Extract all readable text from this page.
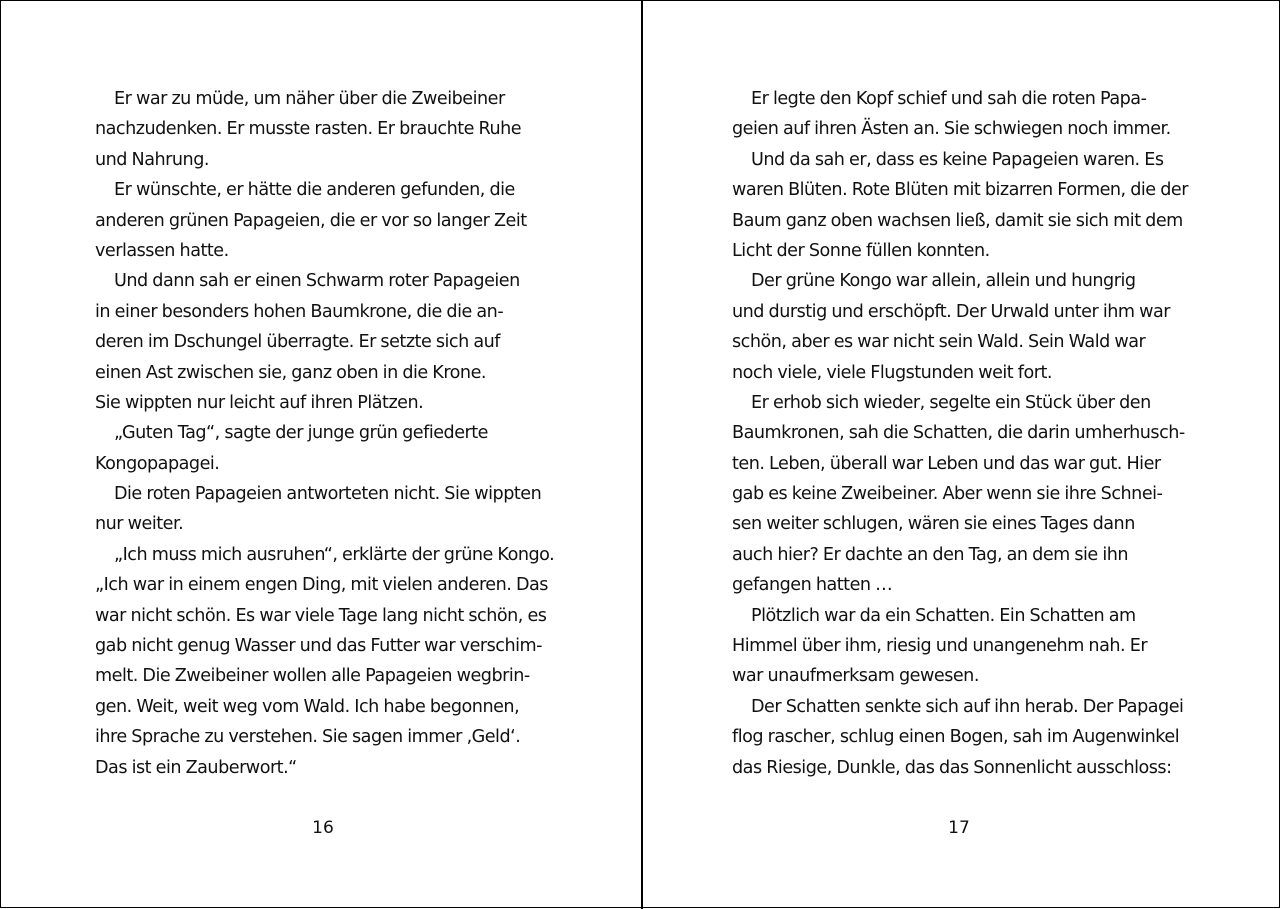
Er war zu müde, um näher über die Zweibeiner
nachzudenken. Er musste rasten. Er brauchte Ruhe
und Nahrung.
Er wünschte, er hätte die anderen gefunden, die
anderen grünen Papageien, die er vor so langer Zeit
verlassen hatte.
Und dann sah er einen Schwarm roter Papageien
in einer besonders hohen Baumkrone, die die an-
deren im Dschungel überragte. Er setzte sich auf
einen Ast zwischen sie, ganz oben in die Krone.
Sie wippten nur leicht auf ihren Plätzen.
„Guten Tag“, sagte der junge grün gefiederte
Kongopapagei.
Die roten Papageien antworteten nicht. Sie wippten
nur weiter.
„Ich muss mich ausruhen“, erklärte der grüne Kongo.
„Ich war in einem engen Ding, mit vielen anderen. Das
war nicht schön. Es war viele Tage lang nicht schön, es
gab nicht genug Wasser und das Futter war verschim-
melt. Die Zweibeiner wollen alle Papageien wegbrin-
gen. Weit, weit weg vom Wald. Ich habe begonnen,
ihre Sprache zu verstehen. Sie sagen immer ‚Geld‘.
Das ist ein Zauberwort.“
16
Er legte den Kopf schief und sah die roten Papa-
geien auf ihren Ästen an. Sie schwiegen noch immer.
Und da sah er, dass es keine Papageien waren. Es
waren Blüten. Rote Blüten mit bizarren Formen, die der
Baum ganz oben wachsen ließ, damit sie sich mit dem
Licht der Sonne füllen konnten.
Der grüne Kongo war allein, allein und hungrig
und durstig und erschöpft. Der Urwald unter ihm war
schön, aber es war nicht sein Wald. Sein Wald war
noch viele, viele Flugstunden weit fort.
Er erhob sich wieder, segelte ein Stück über den
Baumkronen, sah die Schatten, die darin umherhusch-
ten. Leben, überall war Leben und das war gut. Hier
gab es keine Zweibeiner. Aber wenn sie ihre Schnei-
sen weiter schlugen, wären sie eines Tages dann
auch hier? Er dachte an den Tag, an dem sie ihn
gefangen hatten …
Plötzlich war da ein Schatten. Ein Schatten am
Himmel über ihm, riesig und unangenehm nah. Er
war unaufmerksam gewesen.
Der Schatten senkte sich auf ihn herab. Der Papagei
flog rascher, schlug einen Bogen, sah im Augenwinkel
das Riesige, Dunkle, das das Sonnenlicht ausschloss:
17
